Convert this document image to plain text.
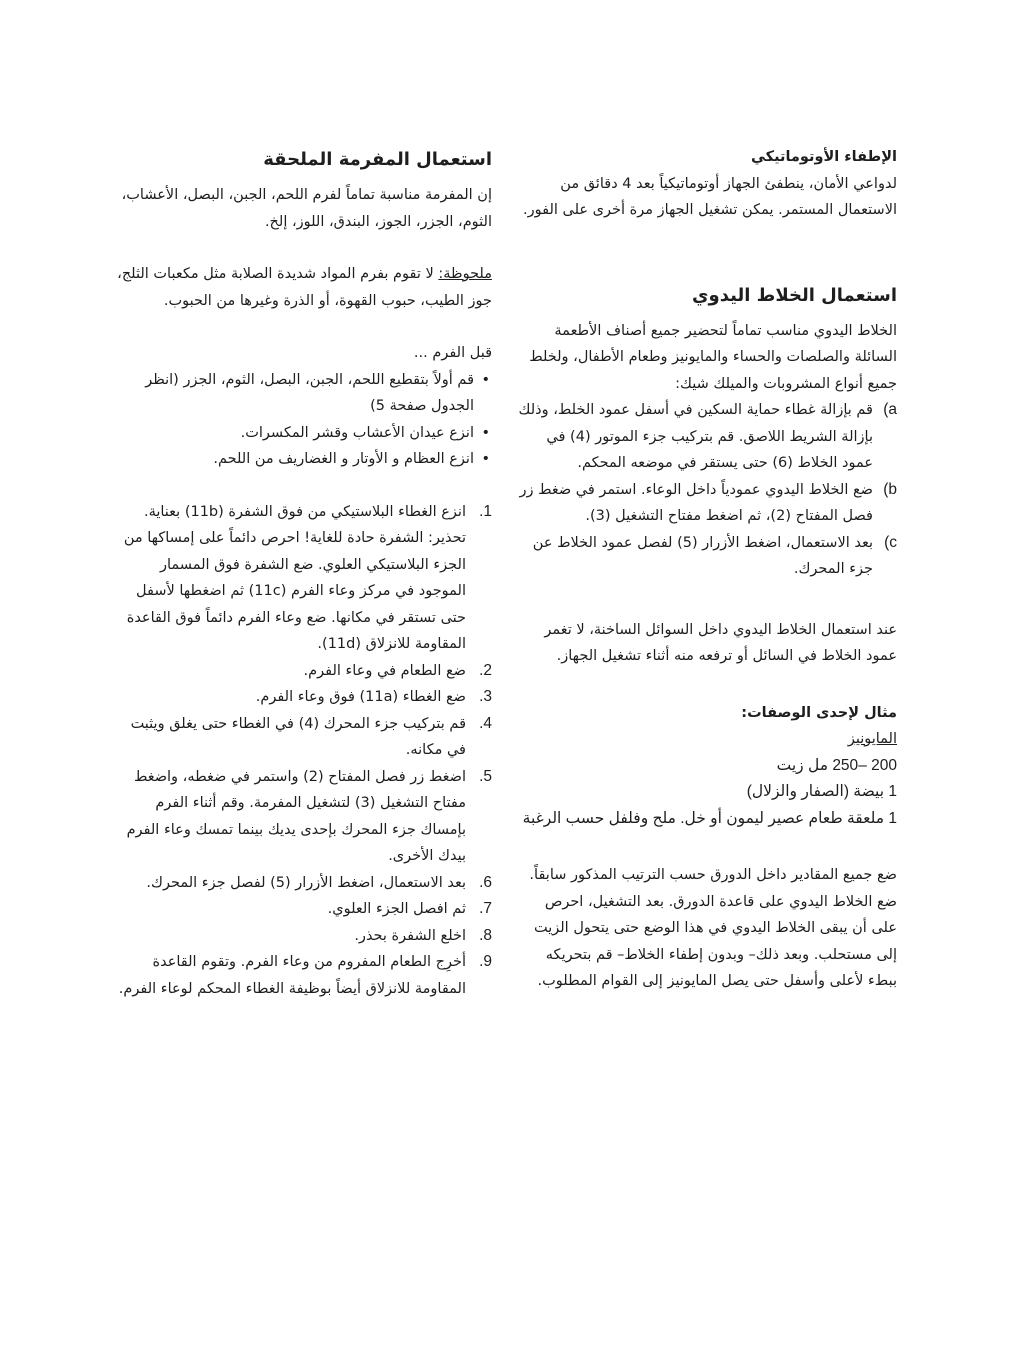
الإطفاء الأوتوماتيكي

لدواعي الأمان، ينطفئ الجهاز أوتوماتيكياً بعد 4 دقائق من الاستعمال المستمر. يمكن تشغيل الجهاز مرة أخرى على الفور.

استعمال الخلاط اليدوي

الخلاط اليدوي مناسب تماماً لتحضير جميع أصناف الأطعمة السائلة والصلصات والحساء والمايونيز وطعام الأطفال، ولخلط جميع أنواع المشروبات والميلك شيك:

a)
قم بإزالة غطاء حماية السكين في أسفل عمود الخلط، وذلك بإزالة الشريط اللاصق. قم بتركيب جزء الموتور (4) في عمود الخلاط (6) حتى يستقر في موضعه المحكم.
b)
ضع الخلاط اليدوي عمودياً داخل الوعاء. استمر في ضغط زر فصل المفتاح (2)، ثم اضغط مفتاح التشغيل (3).
c)
بعد الاستعمال، اضغط الأزرار (5) لفصل عمود الخلاط عن جزء المحرك.

عند استعمال الخلاط اليدوي داخل السوائل الساخنة، لا تغمر عمود الخلاط في السائل أو ترفعه منه أثناء تشغيل الجهاز.

مثال لإحدى الوصفات:

المايونيز

200 –250 مل زيت

1 بيضة (الصفار والزلال)

1 ملعقة طعام عصير ليمون أو خل. ملح وفلفل حسب الرغبة

ضع جميع المقادير داخل الدورق حسب الترتيب المذكور سابقاً. ضع الخلاط اليدوي على قاعدة الدورق. بعد التشغيل، احرص على أن يبقى الخلاط اليدوي في هذا الوضع حتى يتحول الزيت إلى مستحلب. وبعد ذلك– وبدون إطفاء الخلاط– قم بتحريكه ببطء لأعلى وأسفل حتى يصل المايونيز إلى القوام المطلوب.

استعمال المفرمة الملحقة

إن المفرمة مناسبة تماماً لفرم اللحم، الجبن، البصل، الأعشاب، الثوم، الجزر، الجوز، البندق، اللوز، إلخ.

ملحوظة: لا تقوم بفرم المواد شديدة الصلابة مثل مكعبات الثلج، جوز الطيب، حبوب القهوة، أو الذرة وغيرها من الحبوب.

قبل الفرم ...

• قم أولاً بتقطيع اللحم، الجبن، البصل، الثوم، الجزر (انظر الجدول صفحة 5)
• انزع عيدان الأعشاب وقشر المكسرات.
• انزع العظام و الأوتار و الغضاريف من اللحم.
1.
انزع الغطاء البلاستيكي من فوق الشفرة (11b) بعناية. تحذير: الشفرة حادة للغاية! احرص دائماً على إمساكها من الجزء البلاستيكي العلوي. ضع الشفرة فوق المسمار الموجود في مركز وعاء الفرم (11c) ثم اضغطها لأسفل حتى تستقر في مكانها. ضع وعاء الفرم دائماً فوق القاعدة المقاومة للانزلاق (11d).
2.
ضع الطعام في وعاء الفرم.
3.
ضع الغطاء (11a) فوق وعاء الفرم.
4.
قم بتركيب جزء المحرك (4) في الغطاء حتى يغلق ويثبت في مكانه.
5.
اضغط زر فصل المفتاح (2) واستمر في ضغطه، واضغط مفتاح التشغيل (3) لتشغيل المفرمة. وقم أثناء الفرم بإمساك جزء المحرك بإحدى يديك بينما تمسك وعاء الفرم بيدك الأخرى.
6.
بعد الاستعمال، اضغط الأزرار (5) لفصل جزء المحرك.
7.
ثم افصل الجزء العلوي.
8.
اخلع الشفرة بحذر.
9.
أخرِج الطعام المفروم من وعاء الفرم. وتقوم القاعدة المقاومة للانزلاق أيضاً بوظيفة الغطاء المحكم لوعاء الفرم.
